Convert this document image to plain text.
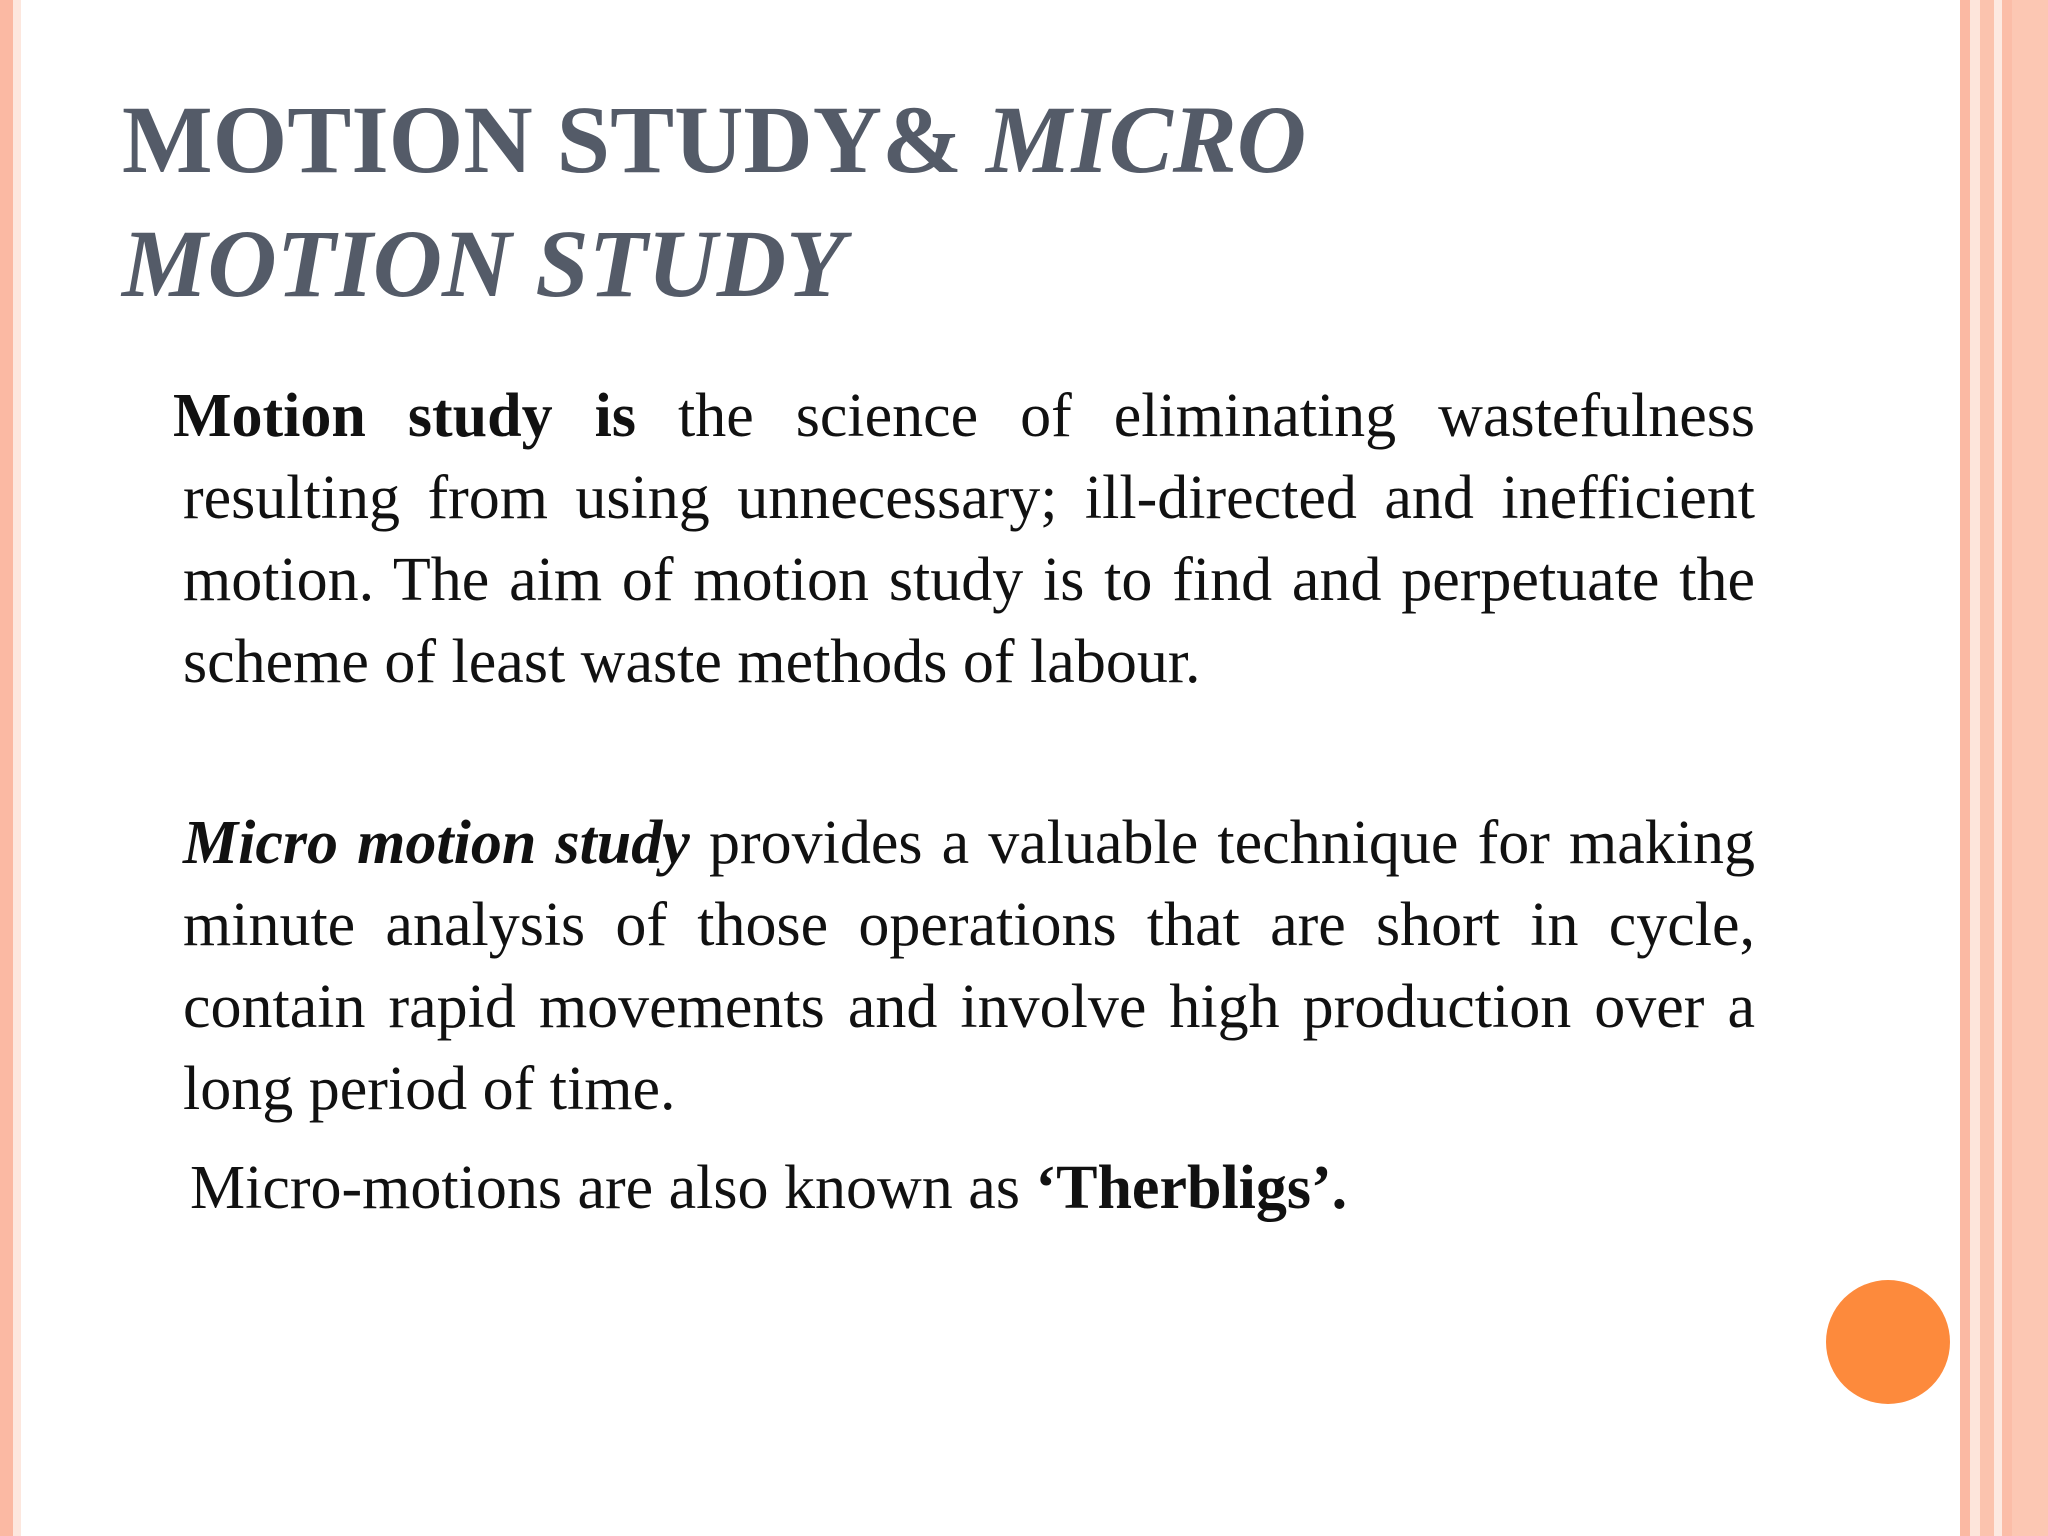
MOTION STUDY& MICRO
MOTION STUDY
Motion study is the science of eliminating wastefulness resulting from using unnecessary; ill-directed and inefficient motion. The aim of motion study is to find and perpetuate the scheme of least waste methods of labour.
Micro motion study provides a valuable technique for making minute analysis of those operations that are short in cycle, contain rapid movements and involve high production over a long period of time.
Micro-motions are also known as ‘Therbligs’.
